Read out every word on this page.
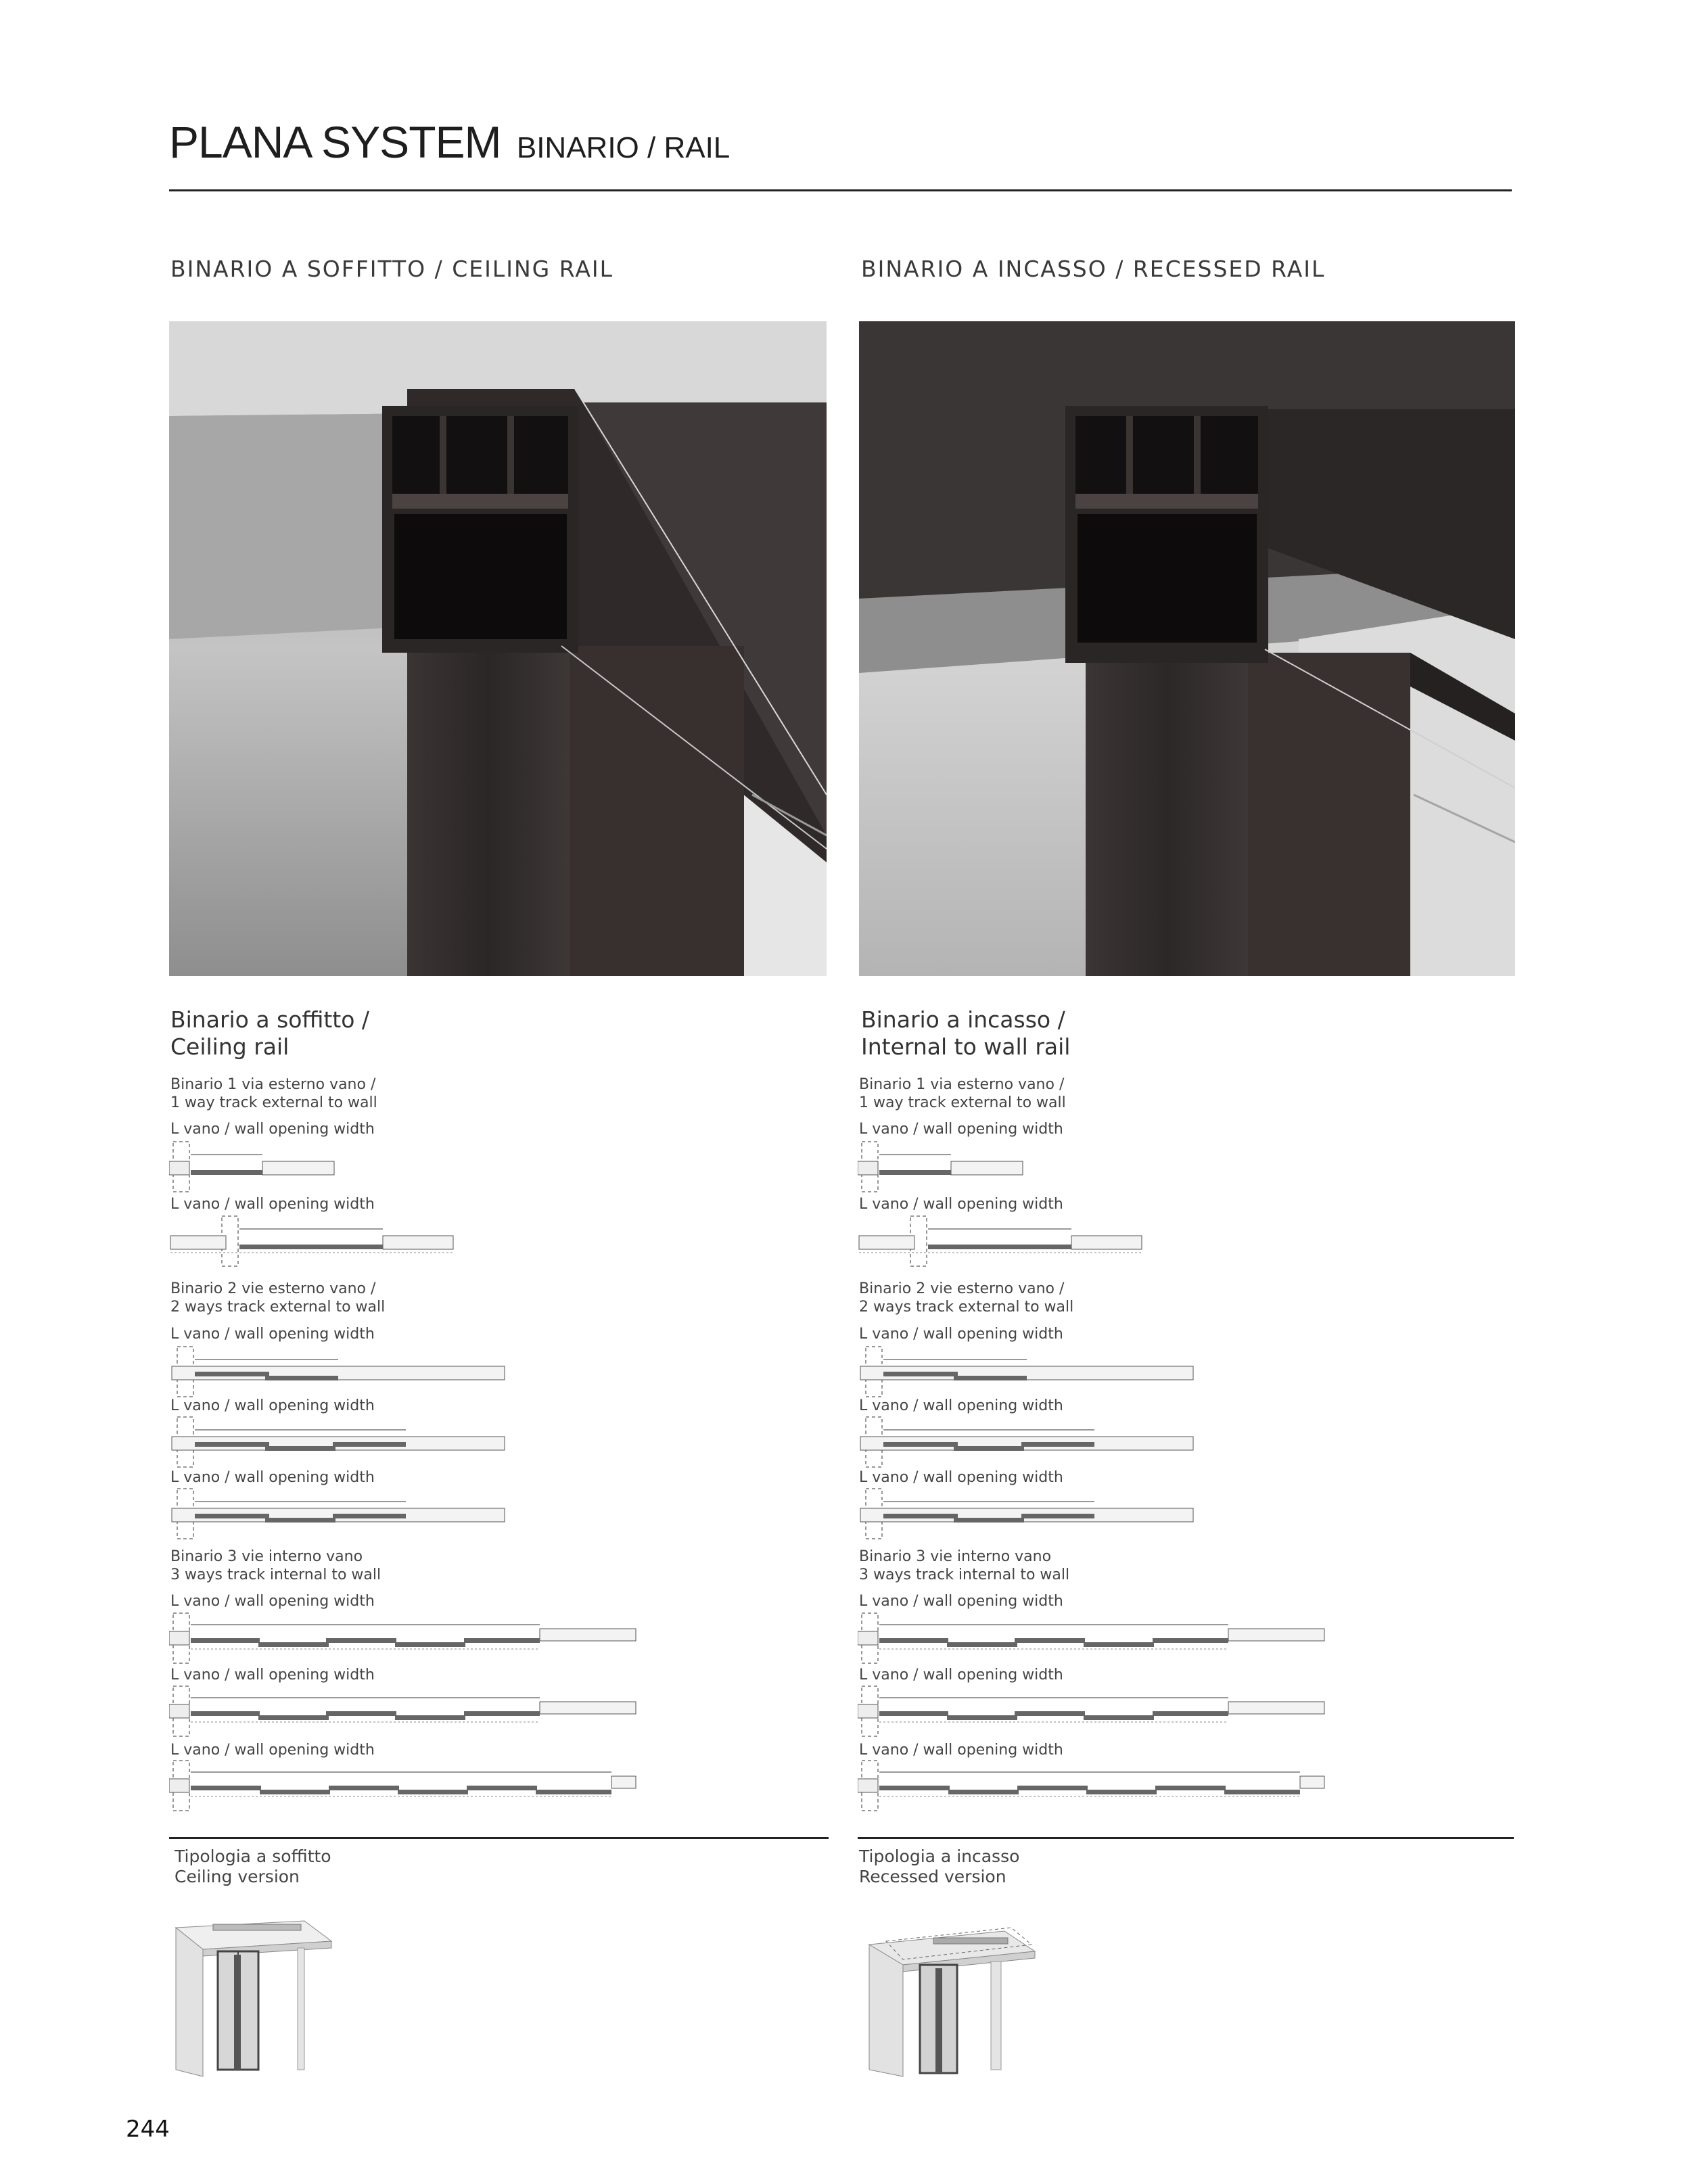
PLANA SYSTEM BINARIO / RAIL
BINARIO A SOFFITTO / CEILING RAIL	BINARIO A INCASSO / RECESSED RAIL
Binario a soffitto /
Ceiling rail
Binario a incasso /
Internal to wall rail
Binario 1 via esterno vano /
1 way track external to wall
L vano / wall opening width
L vano / wall opening width
Binario 2 vie esterno vano /
2 ways track external to wall
L vano / wall opening width
L vano / wall opening width
L vano / wall opening width
Binario 3 vie interno vano
3 ways track internal to wall
L vano / wall opening width
L vano / wall opening width
L vano / wall opening width
Binario 1 via esterno vano /
1 way track external to wall
L vano / wall opening width
L vano / wall opening width
Binario 2 vie esterno vano /
2 ways track external to wall
L vano / wall opening width
L vano / wall opening width
L vano / wall opening width
Binario 3 vie interno vano
3 ways track internal to wall
L vano / wall opening width
L vano / wall opening width
L vano / wall opening width
Tipologia a soffitto
Ceiling version
Tipologia a incasso
Recessed version
244
